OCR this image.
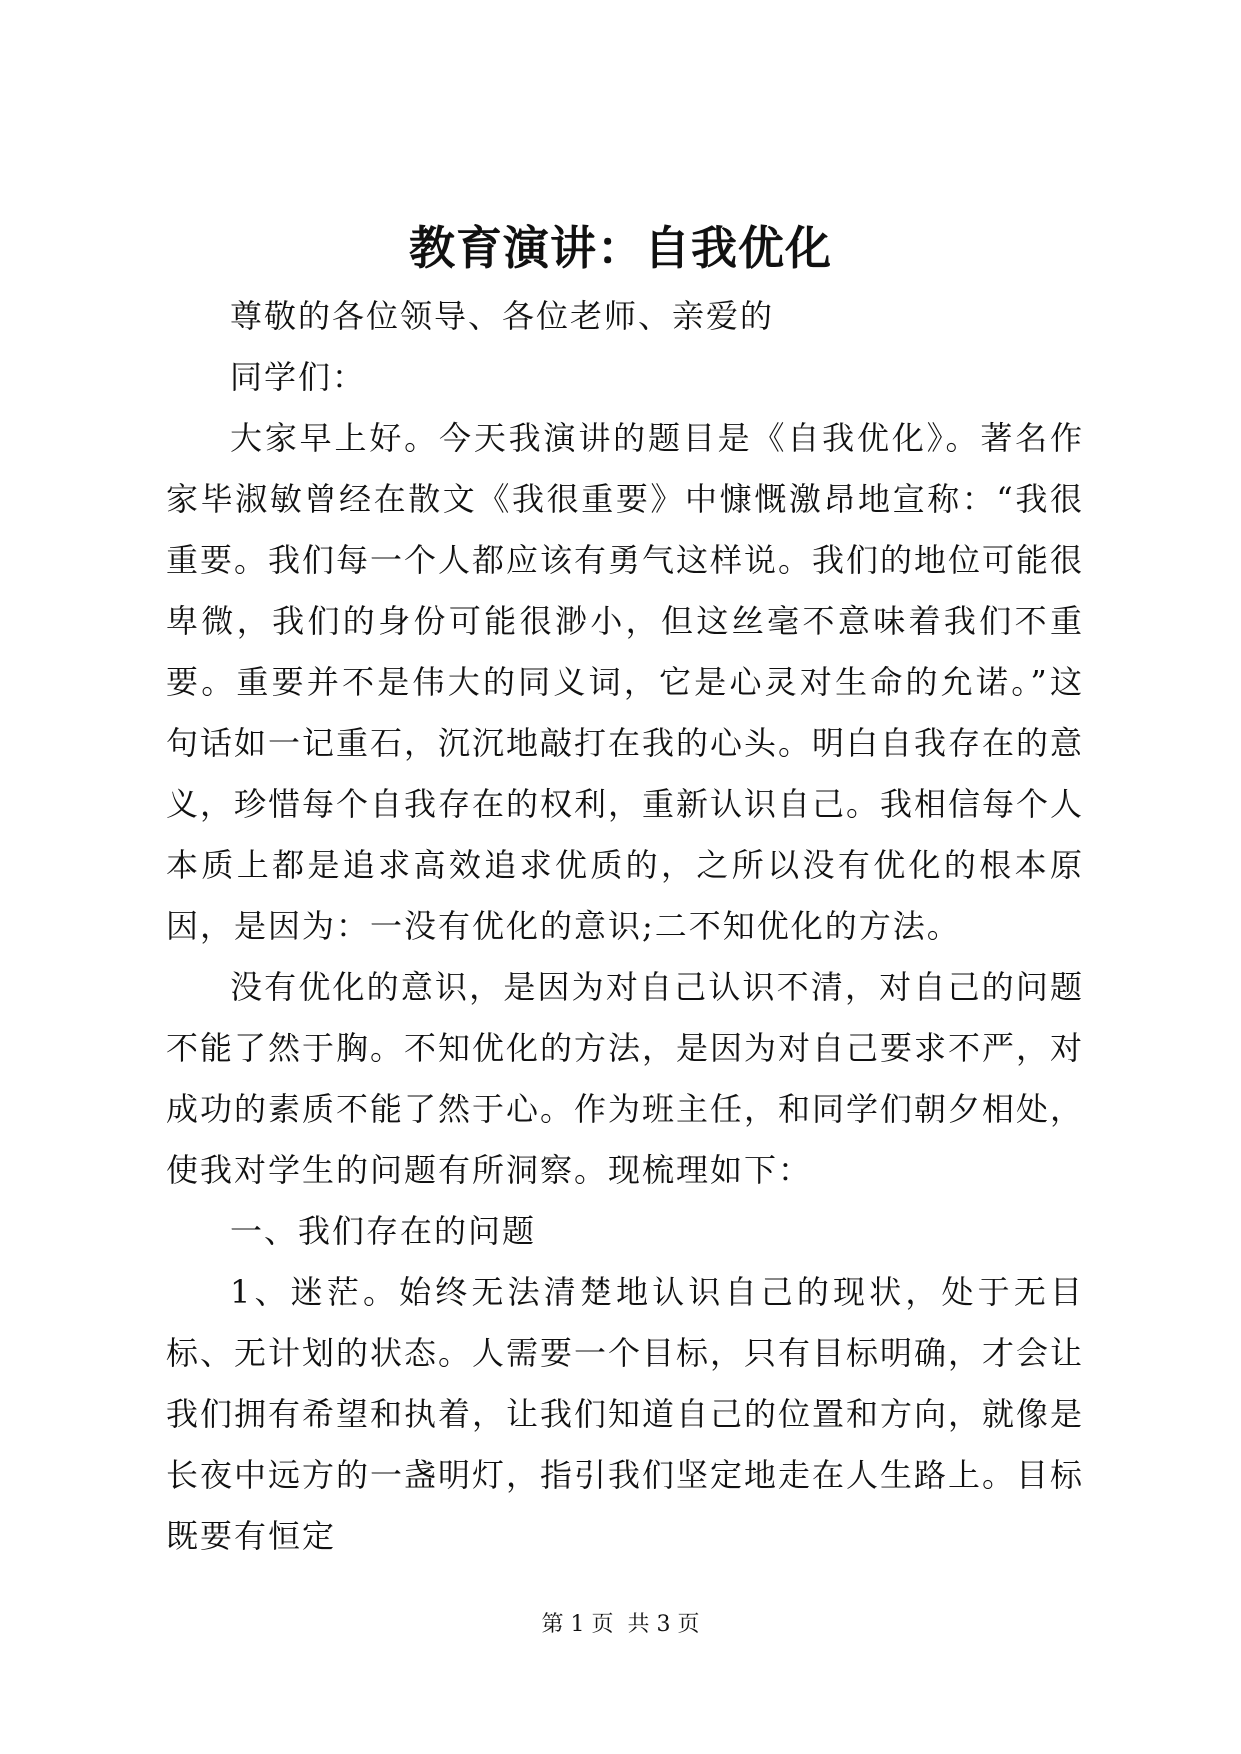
教育演讲：自我优化

尊敬的各位领导、各位老师、亲爱的

同学们：

大家早上好。今天我演讲的题目是《自我优化》。著名作家毕淑敏曾经在散文《我很重要》中慷慨激昂地宣称：“我很重要。我们每一个人都应该有勇气这样说。我们的地位可能很卑微，我们的身份可能很渺小，但这丝毫不意味着我们不重要。重要并不是伟大的同义词，它是心灵对生命的允诺。”这句话如一记重石，沉沉地敲打在我的心头。明白自我存在的意义，珍惜每个自我存在的权利，重新认识自己。我相信每个人本质上都是追求高效追求优质的，之所以没有优化的根本原因，是因为：一没有优化的意识;二不知优化的方法。

没有优化的意识，是因为对自己认识不清，对自己的问题不能了然于胸。不知优化的方法，是因为对自己要求不严，对成功的素质不能了然于心。作为班主任，和同学们朝夕相处，使我对学生的问题有所洞察。现梳理如下：

一、我们存在的问题

1、迷茫。始终无法清楚地认识自己的现状，处于无目标、无计划的状态。人需要一个目标，只有目标明确，才会让我们拥有希望和执着，让我们知道自己的位置和方向，就像是长夜中远方的一盏明灯，指引我们坚定地走在人生路上。目标既要有恒定

第 1 页  共 3 页
